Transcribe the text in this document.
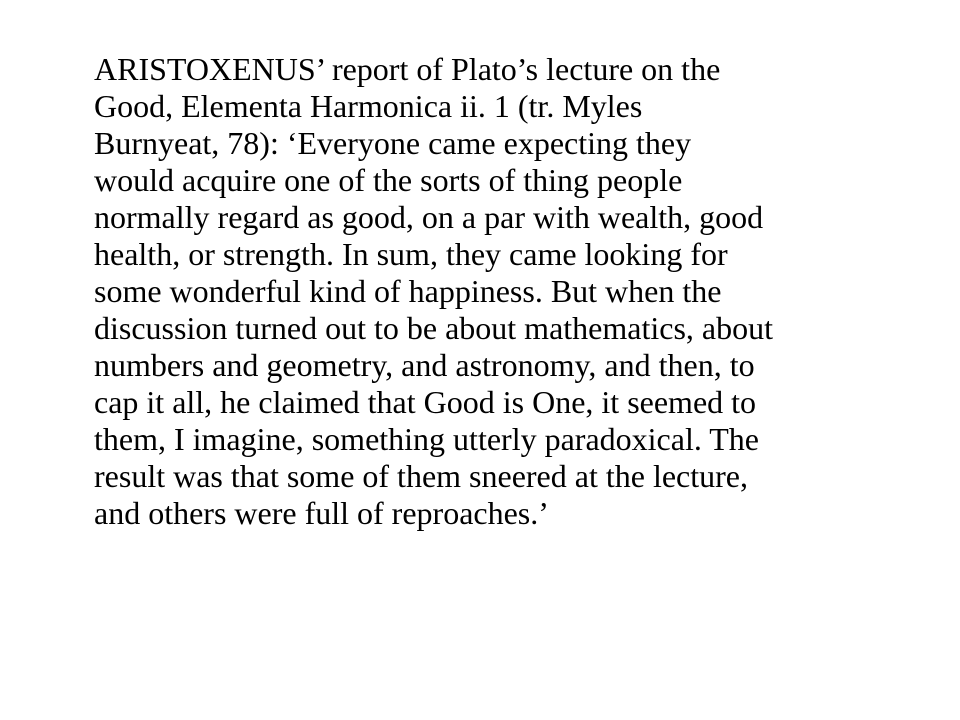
ARISTOXENUS’ report of Plato’s lecture on the
Good, Elementa Harmonica ii. 1 (tr. Myles
Burnyeat, 78): ‘Everyone came expecting they
would acquire one of the sorts of thing people
normally regard as good, on a par with wealth, good
health, or strength. In sum, they came looking for
some wonderful kind of happiness. But when the
discussion turned out to be about mathematics, about
numbers and geometry, and astronomy, and then, to
cap it all, he claimed that Good is One, it seemed to
them, I imagine, something utterly paradoxical. The
result was that some of them sneered at the lecture,
and others were full of reproaches.’
